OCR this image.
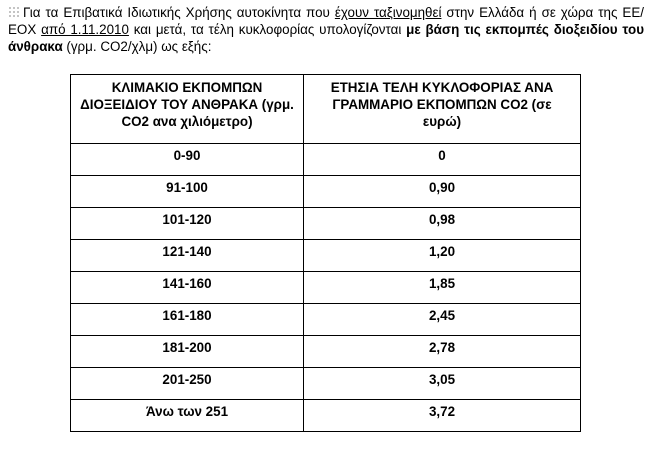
Για τα Επιβατικά Ιδιωτικής Χρήσης αυτοκίνητα που έχουν ταξινομηθεί στην Ελλάδα ή σε χώρα της ΕΕ/ΕΟΧ από 1.11.2010 και μετά, τα τέλη κυκλοφορίας υπολογίζονται με βάση τις εκπομπές διοξειδίου του άνθρακα (γρμ. CO2/χλμ) ως εξής:
ΚΛΙΜΑΚΙΟ ΕΚΠΟΜΠΩΝ ΔΙΟΞΕΙΔΙΟΥ ΤΟΥ ΑΝΘΡΑΚΑ (γρμ. CO2 ανα χιλιόμετρο)	ΕΤΗΣΙΑ ΤΕΛΗ ΚΥΚΛΟΦΟΡΙΑΣ ΑΝΑ ΓΡΑΜΜΑΡΙΟ ΕΚΠΟΜΠΩΝ CO2 (σε ευρώ)
0-90	0
91-100	0,90
101-120	0,98
121-140	1,20
141-160	1,85
161-180	2,45
181-200	2,78
201-250	3,05
Άνω των 251	3,72
